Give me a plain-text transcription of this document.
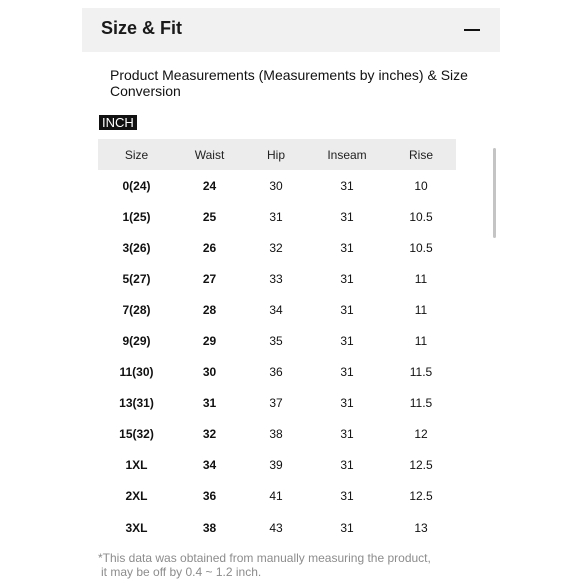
Size & Fit
Product Measurements (Measurements by inches) & Size Conversion
INCH
Size	Waist	Hip	Inseam	Rise
0(24)	24	30	31	10
1(25)	25	31	31	10.5
3(26)	26	32	31	10.5
5(27)	27	33	31	11
7(28)	28	34	31	11
9(29)	29	35	31	11
11(30)	30	36	31	11.5
13(31)	31	37	31	11.5
15(32)	32	38	31	12
1XL	34	39	31	12.5
2XL	36	41	31	12.5
3XL	38	43	31	13
*This data was obtained from manually measuring the product,
it may be off by 0.4 ~ 1.2 inch.
